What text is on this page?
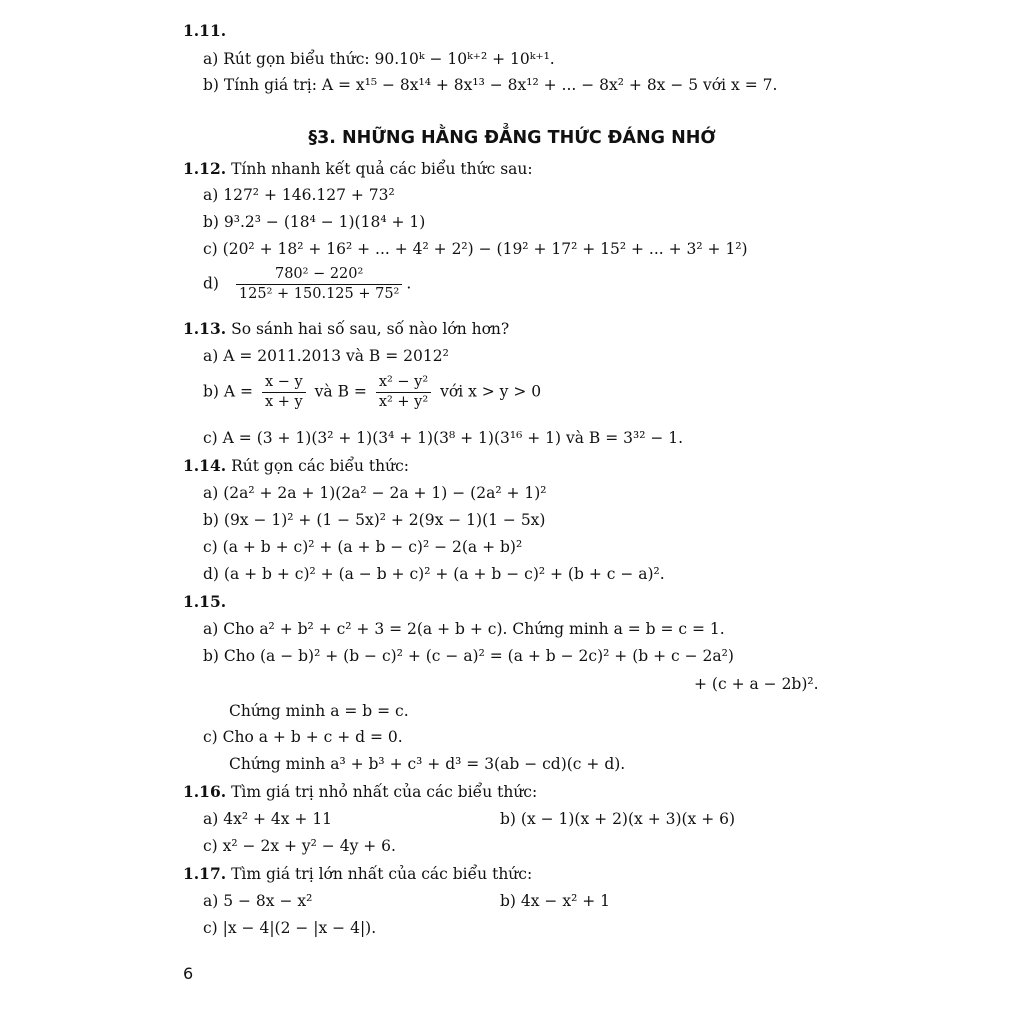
1.11.
a) Rút gọn biểu thức: 90.10ᵏ − 10ᵏ⁺² + 10ᵏ⁺¹.
b) Tính giá trị: A = x¹⁵ − 8x¹⁴ + 8x¹³ − 8x¹² + ... − 8x² + 8x − 5 với x = 7.
§3. NHỮNG HẰNG ĐẲNG THỨC ĐÁNG NHỚ
1.12. Tính nhanh kết quả các biểu thức sau:
a) 127² + 146.127 + 73²
b) 9³.2³ − (18⁴ − 1)(18⁴ + 1)
c) (20² + 18² + 16² + ... + 4² + 2²) − (19² + 17² + 15² + ... + 3² + 1²)
$d) \frac{\text{780² − 220²}}{\text{125² + 150.125 + 75²}}$ .
1.13. So sánh hai số sau, số nào lớn hơn?
a) A = 2011.2013 và B = 2012²
b) $A = \frac{x - y}{x + y}$ và $B = \frac{\text{x² − y²}}{\text{x² + y²}}$ với x > y > 0
c) A = (3 + 1)(3² + 1)(3⁴ + 1)(3⁸ + 1)(3¹⁶ + 1) và B = 3³² − 1.
1.14. Rút gọn các biểu thức:
a) (2a² + 2a + 1)(2a² − 2a + 1) − (2a² + 1)²
b) (9x − 1)² + (1 − 5x)² + 2(9x − 1)(1 − 5x)
c) (a + b + c)² + (a + b − c)² − 2(a + b)²
d) (a + b + c)² + (a − b + c)² + (a + b − c)² + (b + c − a)².
1.15.
a) Cho a² + b² + c² + 3 = 2(a + b + c). Chứng minh a = b = c = 1.
b) Cho (a − b)² + (b − c)² + (c − a)² = (a + b − 2c)² + (b + c − 2a²)
+ (c + a − 2b)².
Chứng minh a = b = c.
c) Cho a + b + c + d = 0.
Chứng minh a³ + b³ + c³ + d³ = 3(ab − cd)(c + d).
1.16. Tìm giá trị nhỏ nhất của các biểu thức:
a) 4x² + 4x + 11	b) (x − 1)(x + 2)(x + 3)(x + 6)
c) x² − 2x + y² − 4y + 6.
1.17. Tìm giá trị lớn nhất của các biểu thức:
a) 5 − 8x − x²	b) 4x − x² + 1
c) |x − 4|(2 − |x − 4|).
6
